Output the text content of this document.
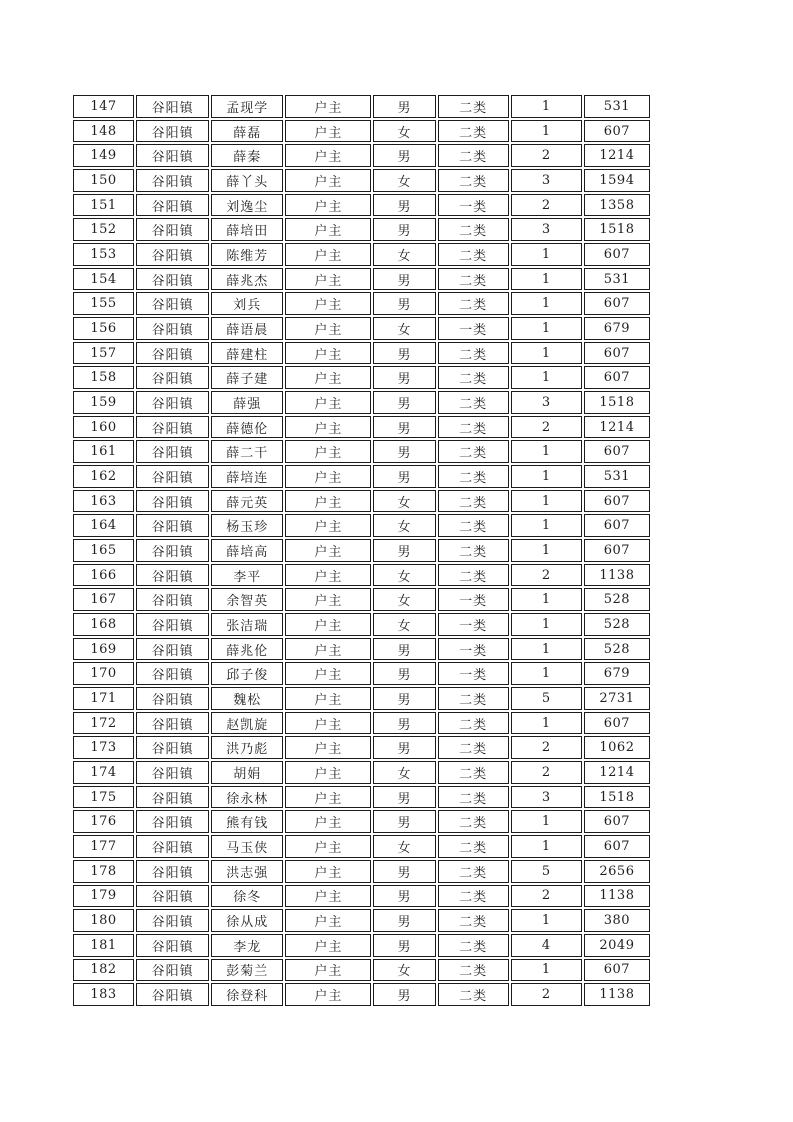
147	谷阳镇	孟现学	户主	男	二类	1	531
148	谷阳镇	薛磊	户主	女	二类	1	607
149	谷阳镇	薛秦	户主	男	二类	2	1214
150	谷阳镇	薛丫头	户主	女	二类	3	1594
151	谷阳镇	刘逸尘	户主	男	一类	2	1358
152	谷阳镇	薛培田	户主	男	二类	3	1518
153	谷阳镇	陈维芳	户主	女	二类	1	607
154	谷阳镇	薛兆杰	户主	男	二类	1	531
155	谷阳镇	刘兵	户主	男	二类	1	607
156	谷阳镇	薛语晨	户主	女	一类	1	679
157	谷阳镇	薛建柱	户主	男	二类	1	607
158	谷阳镇	薛子建	户主	男	二类	1	607
159	谷阳镇	薛强	户主	男	二类	3	1518
160	谷阳镇	薛德伦	户主	男	二类	2	1214
161	谷阳镇	薛二干	户主	男	二类	1	607
162	谷阳镇	薛培连	户主	男	二类	1	531
163	谷阳镇	薛元英	户主	女	二类	1	607
164	谷阳镇	杨玉珍	户主	女	二类	1	607
165	谷阳镇	薛培高	户主	男	二类	1	607
166	谷阳镇	李平	户主	女	二类	2	1138
167	谷阳镇	余智英	户主	女	一类	1	528
168	谷阳镇	张洁瑞	户主	女	一类	1	528
169	谷阳镇	薛兆伦	户主	男	一类	1	528
170	谷阳镇	邱子俊	户主	男	一类	1	679
171	谷阳镇	魏松	户主	男	二类	5	2731
172	谷阳镇	赵凯旋	户主	男	二类	1	607
173	谷阳镇	洪乃彪	户主	男	二类	2	1062
174	谷阳镇	胡娟	户主	女	二类	2	1214
175	谷阳镇	徐永林	户主	男	二类	3	1518
176	谷阳镇	熊有钱	户主	男	二类	1	607
177	谷阳镇	马玉侠	户主	女	二类	1	607
178	谷阳镇	洪志强	户主	男	二类	5	2656
179	谷阳镇	徐冬	户主	男	二类	2	1138
180	谷阳镇	徐从成	户主	男	二类	1	380
181	谷阳镇	李龙	户主	男	二类	4	2049
182	谷阳镇	彭菊兰	户主	女	二类	1	607
183	谷阳镇	徐登科	户主	男	二类	2	1138
